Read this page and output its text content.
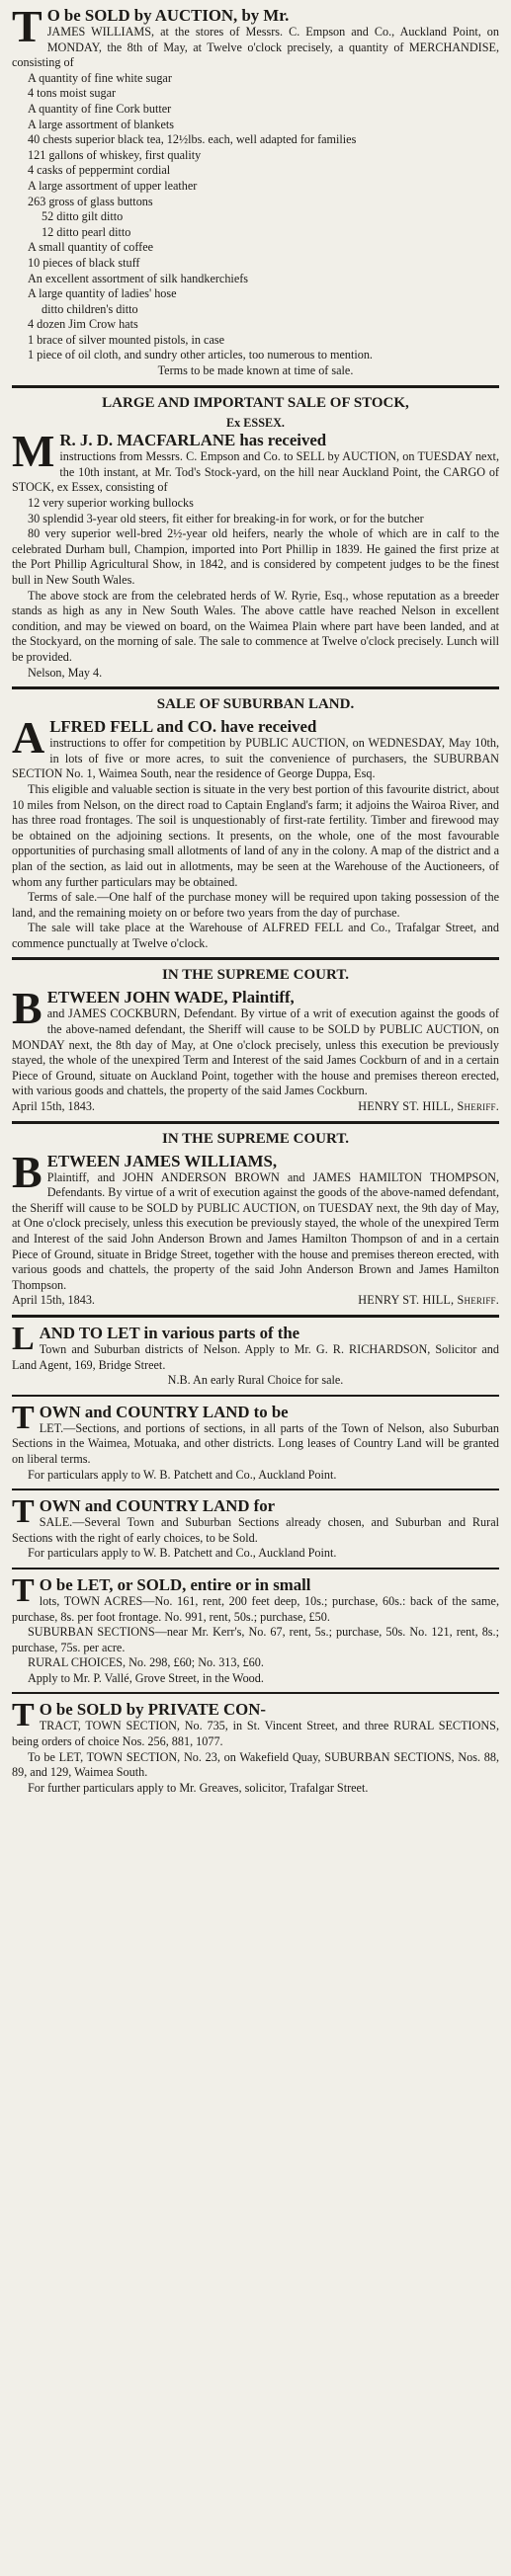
T O be SOLD by AUCTION, by Mr.

JAMES WILLIAMS, at the stores of Messrs. C. Empson and Co., Auckland Point, on MONDAY, the 8th of May, at Twelve o'clock precisely, a quantity of MERCHANDISE, consisting of

A quantity of fine white sugar
4 tons moist sugar
A quantity of fine Cork butter
A large assortment of blankets
40 chests superior black tea, 12½lbs. each, well adapted for families
121 gallons of whiskey, first quality
4 casks of peppermint cordial
A large assortment of upper leather
263 gross of glass buttons
52 ditto gilt ditto
12 ditto pearl ditto
A small quantity of coffee
10 pieces of black stuff
An excellent assortment of silk handkerchiefs
A large quantity of ladies' hose
ditto children's ditto
4 dozen Jim Crow hats
1 brace of silver mounted pistols, in case
1 piece of oil cloth, and sundry other articles, too numerous to mention.

Terms to be made known at time of sale.

LARGE AND IMPORTANT SALE OF STOCK,
Ex ESSEX.
M R. J. D. MACFARLANE has received

instructions from Messrs. C. Empson and Co. to SELL by AUCTION, on TUESDAY next, the 10th instant, at Mr. Tod's Stock-yard, on the hill near Auckland Point, the CARGO of STOCK, ex Essex, consisting of

12 very superior working bullocks

30 splendid 3-year old steers, fit either for breaking-in for work, or for the butcher

80 very superior well-bred 2½-year old heifers, nearly the whole of which are in calf to the celebrated Durham bull, Champion, imported into Port Phillip in 1839. He gained the first prize at the Port Phillip Agricultural Show, in 1842, and is considered by competent judges to be the finest bull in New South Wales.

The above stock are from the celebrated herds of W. Ryrie, Esq., whose reputation as a breeder stands as high as any in New South Wales. The above cattle have reached Nelson in excellent condition, and may be viewed on board, on the Waimea Plain where part have been landed, and at the Stockyard, on the morning of sale. The sale to commence at Twelve o'clock precisely. Lunch will be provided.

Nelson, May 4.

SALE OF SUBURBAN LAND.
A LFRED FELL and CO. have received

instructions to offer for competition by PUBLIC AUCTION, on WEDNESDAY, May 10th, in lots of five or more acres, to suit the convenience of purchasers, the SUBURBAN SECTION No. 1, Waimea South, near the residence of George Duppa, Esq.

This eligible and valuable section is situate in the very best portion of this favourite district, about 10 miles from Nelson, on the direct road to Captain England's farm; it adjoins the Wairoa River, and has three road frontages. The soil is unquestionably of first-rate fertility. Timber and firewood may be obtained on the adjoining sections. It presents, on the whole, one of the most favourable opportunities of purchasing small allotments of land of any in the colony. A map of the district and a plan of the section, as laid out in allotments, may be seen at the Warehouse of the Auctioneers, of whom any further particulars may be obtained.

Terms of sale.—One half of the purchase money will be required upon taking possession of the land, and the remaining moiety on or before two years from the day of purchase.

The sale will take place at the Warehouse of ALFRED FELL and Co., Trafalgar Street, and commence punctually at Twelve o'clock.

IN THE SUPREME COURT.
B ETWEEN JOHN WADE, Plaintiff,

and JAMES COCKBURN, Defendant. By virtue of a writ of execution against the goods of the above-named defendant, the Sheriff will cause to be SOLD by PUBLIC AUCTION, on MONDAY next, the 8th day of May, at One o'clock precisely, unless this execution be previously stayed, the whole of the unexpired Term and Interest of the said James Cockburn of and in a certain Piece of Ground, situate on Auckland Point, together with the house and premises thereon erected, with various goods and chattels, the property of the said James Cockburn.

April 15th, 1843.	HENRY ST. HILL, Sheriff.
IN THE SUPREME COURT.
B ETWEEN JAMES WILLIAMS,

Plaintiff, and JOHN ANDERSON BROWN and JAMES HAMILTON THOMPSON, Defendants. By virtue of a writ of execution against the goods of the above-named defendant, the Sheriff will cause to be SOLD by PUBLIC AUCTION, on TUESDAY next, the 9th day of May, at One o'clock precisely, unless this execution be previously stayed, the whole of the unexpired Term and Interest of the said John Anderson Brown and James Hamilton Thompson of and in a certain Piece of Ground, situate in Bridge Street, together with the house and premises thereon erected, with various goods and chattels, the property of the said John Anderson Brown and James Hamilton Thompson.

April 15th, 1843.	HENRY ST. HILL, Sheriff.
L AND TO LET in various parts of the

Town and Suburban districts of Nelson. Apply to Mr. G. R. RICHARDSON, Solicitor and Land Agent, 169, Bridge Street.

N.B. An early Rural Choice for sale.

T OWN and COUNTRY LAND to be

LET.—Sections, and portions of sections, in all parts of the Town of Nelson, also Suburban Sections in the Waimea, Motuaka, and other districts. Long leases of Country Land will be granted on liberal terms.

For particulars apply to W. B. Patchett and Co., Auckland Point.

T OWN and COUNTRY LAND for

SALE.—Several Town and Suburban Sections already chosen, and Suburban and Rural Sections with the right of early choices, to be Sold.

For particulars apply to W. B. Patchett and Co., Auckland Point.

T O be LET, or SOLD, entire or in small

lots, TOWN ACRES—No. 161, rent, 200 feet deep, 10s.; purchase, 60s.: back of the same, purchase, 8s. per foot frontage. No. 991, rent, 50s.; purchase, £50.

SUBURBAN SECTIONS—near Mr. Kerr's, No. 67, rent, 5s.; purchase, 50s. No. 121, rent, 8s.; purchase, 75s. per acre.

RURAL CHOICES, No. 298, £60; No. 313, £60.

Apply to Mr. P. Vallé, Grove Street, in the Wood.

T O be SOLD by PRIVATE CON-

TRACT, TOWN SECTION, No. 735, in St. Vincent Street, and three RURAL SECTIONS, being orders of choice Nos. 256, 881, 1077.

To be LET, TOWN SECTION, No. 23, on Wakefield Quay, SUBURBAN SECTIONS, Nos. 88, 89, and 129, Waimea South.

For further particulars apply to Mr. Greaves, solicitor, Trafalgar Street.
